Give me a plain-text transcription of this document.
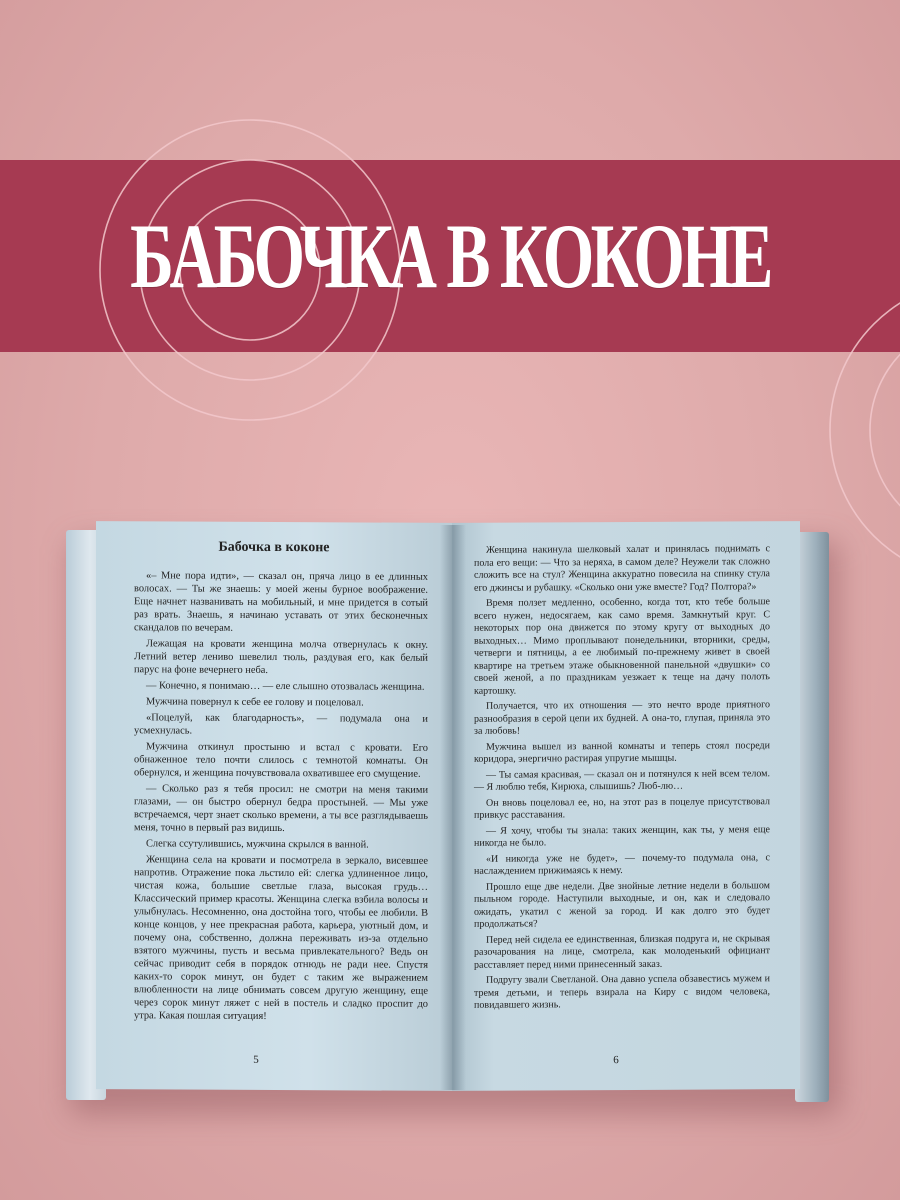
БАБОЧКА В КОКОНЕ
Бабочка в коконе

«– Мне пора идти», — сказал он, пряча лицо в ее длинных волосах. — Ты же знаешь: у моей жены бурное воображение. Еще начнет названивать на мобильный, и мне придется в сотый раз врать. Знаешь, я начинаю уставать от этих бесконечных скандалов по вечерам.

Лежащая на кровати женщина молча отвернулась к окну. Летний ветер лениво шевелил тюль, раздувая его, как белый парус на фоне вечернего неба.

— Конечно, я понимаю… — еле слышно отозвалась женщина.

Мужчина повернул к себе ее голову и поцеловал.

«Поцелуй, как благодарность», — подумала она и усмехнулась.

Мужчина откинул простыню и встал с кровати. Его обнаженное тело почти слилось с темнотой комнаты. Он обернулся, и женщина почувствовала охватившее его смущение.

— Сколько раз я тебя просил: не смотри на меня такими глазами, — он быстро обернул бедра простыней. — Мы уже встречаемся, черт знает сколько времени, а ты все разглядываешь меня, точно в первый раз видишь.

Слегка ссутулившись, мужчина скрылся в ванной.

Женщина села на кровати и посмотрела в зеркало, висевшее напротив. Отражение пока льстило ей: слегка удлиненное лицо, чистая кожа, большие светлые глаза, высокая грудь… Классический пример красоты. Женщина слегка взбила волосы и улыбнулась. Несомненно, она достойна того, чтобы ее любили. В конце концов, у нее прекрасная работа, карьера, уютный дом, и почему она, собственно, должна переживать из-за отдельно взятого мужчины, пусть и весьма привлекательного? Ведь он сейчас приводит себя в порядок отнюдь не ради нее. Спустя каких-то сорок минут, он будет с таким же выражением влюбленности на лице обнимать совсем другую женщину, еще через сорок минут ляжет с ней в постель и сладко проспит до утра. Какая пошлая ситуация!

5

Женщина накинула шелковый халат и принялась поднимать с пола его вещи: — Что за неряха, в самом деле? Неужели так сложно сложить все на стул? Женщина аккуратно повесила на спинку стула его джинсы и рубашку. «Сколько они уже вместе? Год? Полтора?»

Время ползет медленно, особенно, когда тот, кто тебе больше всего нужен, недосягаем, как само время. Замкнутый круг. С некоторых пор она движется по этому кругу от выходных до выходных… Мимо проплывают понедельники, вторники, среды, четверги и пятницы, а ее любимый по-прежнему живет в своей квартире на третьем этаже обыкновенной панельной «двушки» со своей женой, а по праздникам уезжает к теще на дачу полоть картошку.

Получается, что их отношения — это нечто вроде приятного разнообразия в серой цепи их будней. А она-то, глупая, приняла это за любовь!

Мужчина вышел из ванной комнаты и теперь стоял посреди коридора, энергично растирая упругие мышцы.

— Ты самая красивая, — сказал он и потянулся к ней всем телом. — Я люблю тебя, Кирюха, слышишь? Люб-лю…

Он вновь поцеловал ее, но, на этот раз в поцелуе присутствовал привкус расставания.

— Я хочу, чтобы ты знала: таких женщин, как ты, у меня еще никогда не было.

«И никогда уже не будет», — почему-то подумала она, с наслаждением прижимаясь к нему.

Прошло еще две недели. Две знойные летние недели в большом пыльном городе. Наступили выходные, и он, как и следовало ожидать, укатил с женой за город. И как долго это будет продолжаться?

Перед ней сидела ее единственная, близкая подруга и, не скрывая разочарования на лице, смотрела, как молоденький официант расставляет перед ними принесенный заказ.

Подругу звали Светланой. Она давно успела обзавестись мужем и тремя детьми, и теперь взирала на Киру с видом человека, повидавшего жизнь.

6
